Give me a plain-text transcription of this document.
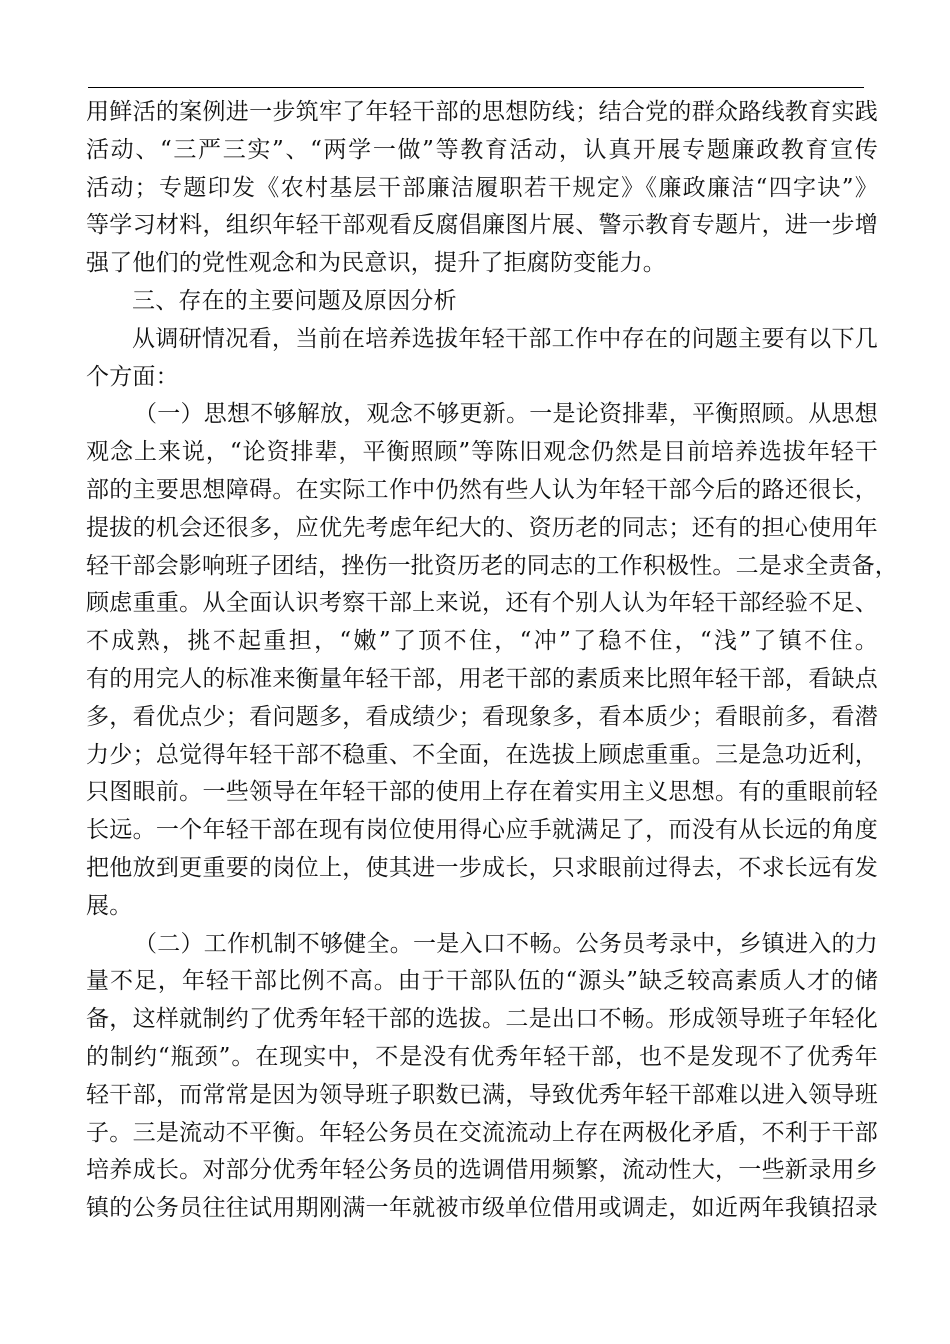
用鲜活的案例进一步筑牢了年轻干部的思想防线；结合党的群众路线教育实践
活动、“三严三实”、“两学一做”等教育活动，认真开展专题廉政教育宣传
活动；专题印发《农村基层干部廉洁履职若干规定》《廉政廉洁“四字诀”》
等学习材料，组织年轻干部观看反腐倡廉图片展、警示教育专题片，进一步增
强了他们的党性观念和为民意识，提升了拒腐防变能力。
三、存在的主要问题及原因分析
从调研情况看，当前在培养选拔年轻干部工作中存在的问题主要有以下几
个方面：
（一）思想不够解放，观念不够更新。一是论资排辈，平衡照顾。从思想
观念上来说，“论资排辈，平衡照顾”等陈旧观念仍然是目前培养选拔年轻干
部的主要思想障碍。在实际工作中仍然有些人认为年轻干部今后的路还很长，
提拔的机会还很多，应优先考虑年纪大的、资历老的同志；还有的担心使用年
轻干部会影响班子团结，挫伤一批资历老的同志的工作积极性。二是求全责备，
顾虑重重。从全面认识考察干部上来说，还有个别人认为年轻干部经验不足、
不成熟，挑不起重担，“嫩”了顶不住，“冲”了稳不住，“浅”了镇不住。
有的用完人的标准来衡量年轻干部，用老干部的素质来比照年轻干部，看缺点
多，看优点少；看问题多，看成绩少；看现象多，看本质少；看眼前多，看潜
力少；总觉得年轻干部不稳重、不全面，在选拔上顾虑重重。三是急功近利，
只图眼前。一些领导在年轻干部的使用上存在着实用主义思想。有的重眼前轻
长远。一个年轻干部在现有岗位使用得心应手就满足了，而没有从长远的角度
把他放到更重要的岗位上，使其进一步成长，只求眼前过得去，不求长远有发
展。
（二）工作机制不够健全。一是入口不畅。公务员考录中，乡镇进入的力
量不足，年轻干部比例不高。由于干部队伍的“源头”缺乏较高素质人才的储
备，这样就制约了优秀年轻干部的选拔。二是出口不畅。形成领导班子年轻化
的制约“瓶颈”。在现实中，不是没有优秀年轻干部，也不是发现不了优秀年
轻干部，而常常是因为领导班子职数已满，导致优秀年轻干部难以进入领导班
子。三是流动不平衡。年轻公务员在交流流动上存在两极化矛盾，不利于干部
培养成长。对部分优秀年轻公务员的选调借用频繁，流动性大，一些新录用乡
镇的公务员往往试用期刚满一年就被市级单位借用或调走，如近两年我镇招录
